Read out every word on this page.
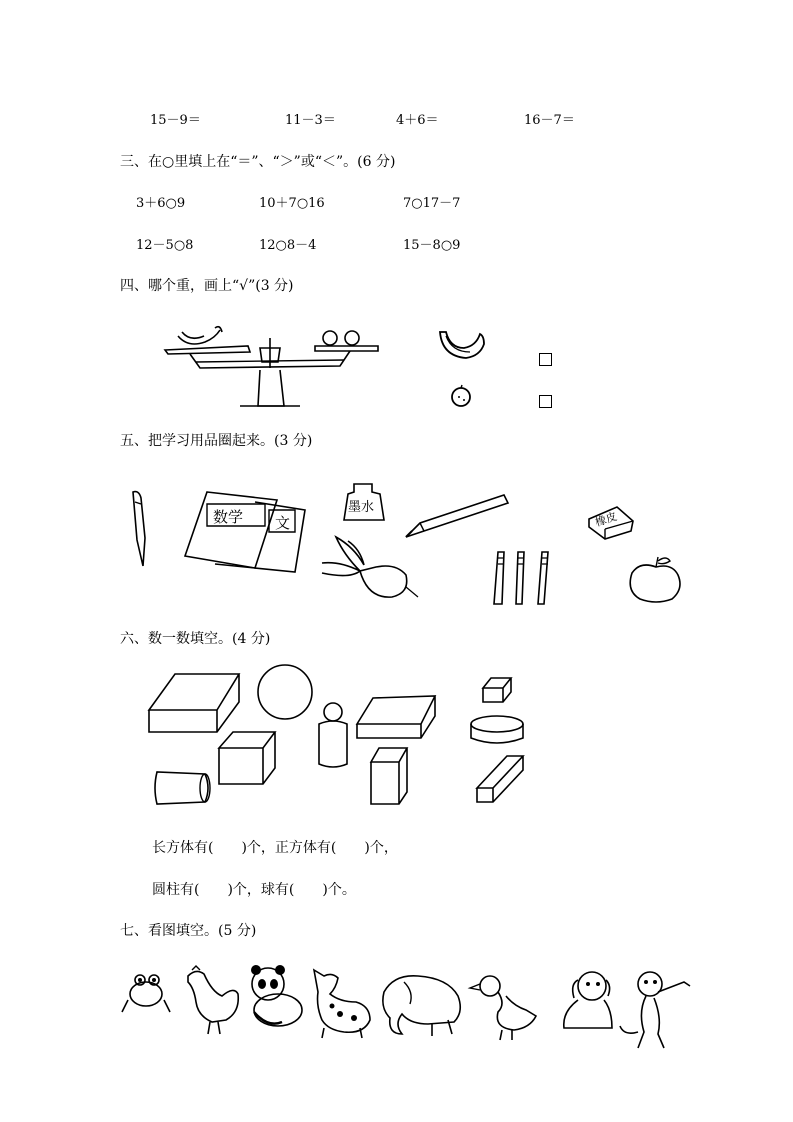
15－9＝	11－3＝	4＋6＝	16－7＝
三、在○里填上在“＝”、“＞”或“＜”。(6 分)
3＋6○9	10＋7○16	7○17－7
12－5○8	12○8－4	15－8○9
四、哪个重，画上“√”(3 分)
五、把学习用品圈起来。(3 分)
数学 文
墨水
橡皮
六、数一数填空。(4 分)
长方体有(　　)个，正方体有(　　)个，
圆柱有(　　)个，球有(　　)个。
七、看图填空。(5 分)
